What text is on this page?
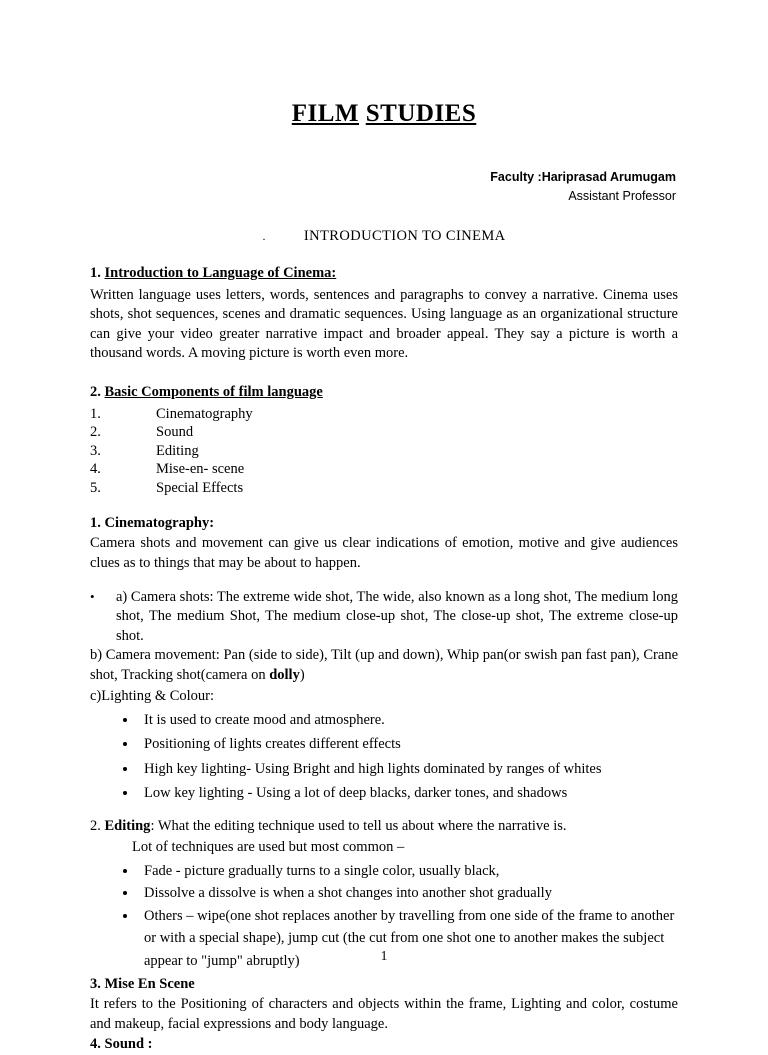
FILM STUDIES
Faculty :Hariprasad Arumugam
Assistant Professor
.	INTRODUCTION TO CINEMA
1. Introduction to Language of Cinema:

Written language uses letters, words, sentences and paragraphs to convey a narrative. Cinema uses shots, shot sequences, scenes and dramatic sequences. Using language as an organizational structure can give your video greater narrative impact and broader appeal. They say a picture is worth a thousand words. A moving picture is worth even more.

2. Basic Components of film language
1.	Cinematography
2.	Sound
3.	Editing
4.	Mise-en- scene
5.	Special Effects
1. Cinematography:

Camera shots and movement can give us clear indications of emotion, motive and give audiences clues as to things that may be about to happen.

•	a) Camera shots: The extreme wide shot, The wide, also known as a long shot, The medium long shot, The medium Shot, The medium close-up shot, The close-up shot, The extreme close-up shot.

b) Camera movement: Pan (side to side), Tilt (up and down), Whip pan(or swish pan fast pan), Crane shot, Tracking shot(camera on dolly)

c)Lighting & Colour:

• It is used to create mood and atmosphere.
• Positioning of lights creates different effects
• High key lighting- Using Bright and high lights dominated by ranges of whites
• Low key lighting - Using a lot of deep blacks, darker tones, and shadows

2. Editing: What the editing technique used to tell us about where the narrative is.

Lot of techniques are used but most common –
• Fade - picture gradually turns to a single color, usually black,
• Dissolve a dissolve is when a shot changes into another shot gradually
• Others – wipe(one shot replaces another by travelling from one side of the frame to another or with a special shape), jump cut (the cut from one shot one to another makes the subject appear to "jump" abruptly)
3. Mise En Scene

It refers to the Positioning of characters and objects within the frame, Lighting and color, costume and makeup, facial expressions and body language.

4. Sound :
1
